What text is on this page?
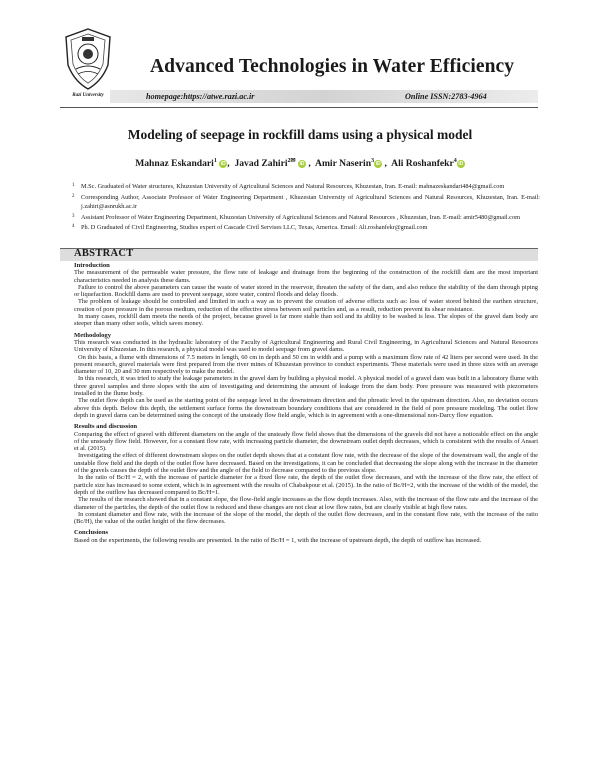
Razi University
Advanced Technologies in Water Efficiency
homepage:https://atwe.razi.ac.ir	Online ISSN:2783-4964
Modeling of seepage in rockfill dams using a physical model
Mahnaz Eskandari$^1$ iD ,  Javad Zahiri$^{2✉}$ iD ,  Amir Naserin$^3$iD ,  Ali Roshanfekr$^4$iD
1 M.Sc. Graduated of Water structures, Khuzestan University of Agricultural Sciences and Natural Resources, Khuzestan, Iran. E-mail: mahnazeskandari484@gmail.com
2 Corresponding Author, Associate Professor of Water Engineering Department , Khuzestan University of Agricultural Sciences and Natural Resources, Khuzestan, Iran. E-mail: j.zahiri@asnrukh.ac.ir
3 Assistant Professor of Water Engineering Department, Khuzestan University of Agricultural Sciences and Natural Resources , Khuzestan, Iran. E-mail: amir5480@gmail.com
4 Ph. D Graduated of Civil Engineering, Studies expert of Cascade Civil Servises LLC, Texas, America. Email: Ali.roshanfekr@gmail.com
ABSTRACT
Introduction

The measurement of the permeable water pressure, the flow rate of leakage and drainage from the beginning of the construction of the rockfill dam are the most important characteristics needed in analysis these dams.

Failure to control the above parameters can cause the waste of water stored in the reservoir, threaten the safety of the dam, and also reduce the stability of the dam through piping or liquefaction. Rockfill dams are used to prevent seepage, store water, control floods and delay floods.

The problem of leakage should be controlled and limited in such a way as to prevent the creation of adverse effects such as: loss of water stored behind the earthen structure, creation of pore pressure in the porous medium, reduction of the effective stress between soil particles and, as a result, reduction prevent its shear resistance.

In many cases, rockfill dam meets the needs of the project, because gravel is far more stable than soil and its ability to be washed is less. The slopes of the gravel dam body are steeper than many other soils, which saves money.

Methodology

This research was conducted in the hydraulic laboratory of the Faculty of Agricultural Engineering and Rural Civil Engineering, in Agricultural Sciences and Natural Resources University of Khuzestan. In this research, a physical model was used to model seepage from gravel dams.

On this basis, a flume with dimensions of 7.5 meters in length, 60 cm in depth and 50 cm in width and a pump with a maximum flow rate of 42 liters per second were used. In the present research, gravel materials were first prepared from the river mines of Khuzestan province to conduct experiments. These materials were used in three sizes with an average diameter of 10, 20 and 30 mm respectively to make the model.

In this research, it was tried to study the leakage parameters in the gravel dam by building a physical model. A physical model of a gravel dam was built in a laboratory flume with three gravel samples and three slopes with the aim of investigating and determining the amount of leakage from the dam body. Pore pressure was measured with piezometers installed in the flume body.

The outlet flow depth can be used as the starting point of the seepage level in the downstream direction and the phreatic level in the upstream direction. Also, no deviation occurs above this depth. Below this depth, the settlement surface forms the downstream boundary conditions that are considered in the field of pore pressure modeling. The outlet flow depth in gravel dams can be determined using the concept of the unsteady flow field angle, which is in agreement with a one-dimensional non-Darcy flow equation.

Results and discussion

Comparing the effect of gravel with different diameters on the angle of the unsteady flow field shows that the dimensions of the gravels did not have a noticeable effect on the angle of the unsteady flow field. However, for a constant flow rate, with increasing particle diameter, the downstream outlet depth decreases, which is consistent with the results of Ansari et al. (2015).

Investigating the effect of different downstream slopes on the outlet depth shows that at a constant flow rate, with the decrease of the slope of the downstream wall, the angle of the unstable flow field and the depth of the outlet flow have decreased. Based on the investigations, it can be concluded that decreasing the slope along with the increase in the diameter of the gravels causes the depth of the outlet flow and the angle of the field to decrease compared to the previous slope.

In the ratio of Bc/H = 2, with the increase of particle diameter for a fixed flow rate, the depth of the outlet flow decreases, and with the increase of the flow rate, the effect of particle size has increased to some extent, which is in agreement with the results of Chabakpour et al. (2015). In the ratio of Bc/H=2, with the increase of the width of the model, the depth of the outflow has decreased compared to Bc/H=1.

The results of the research showed that in a constant slope, the flow-field angle increases as the flow depth increases. Also, with the increase of the flow rate and the increase of the diameter of the particles, the depth of the outlet flow is reduced and these changes are not clear at low flow rates, but are clearly visible at high flow rates.

In constant diameter and flow rate, with the increase of the slope of the model, the depth of the outlet flow decreases, and in the constant flow rate, with the increase of the ratio (Bc/H), the value of the outlet height of the flow decreases.

Conclusions

Based on the experiments, the following results are presented. In the ratio of Bc/H = 1, with the increase of upstream depth, the depth of outflow has increased.
